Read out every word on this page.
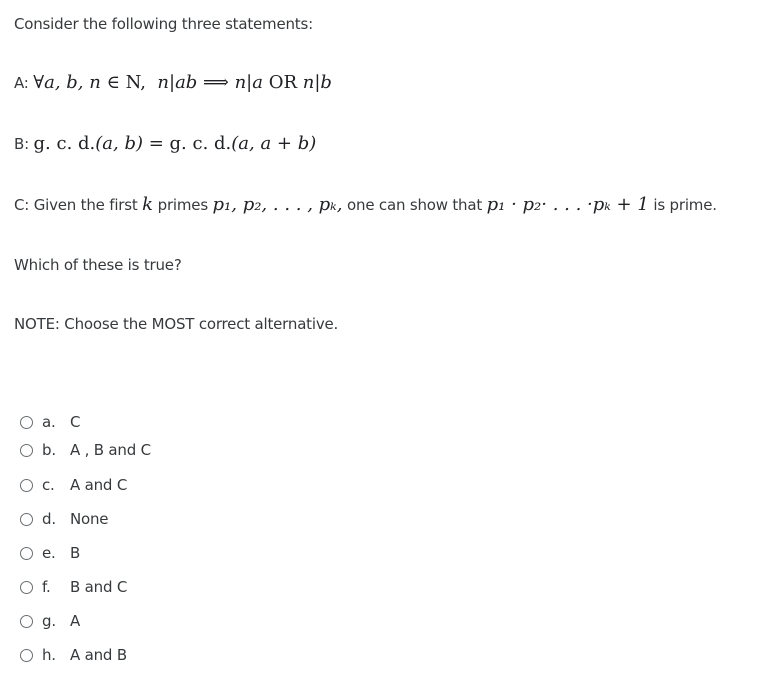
Consider the following three statements:
A: ∀a, b, n ∈ N, n|ab ⟹ n|a OR n|b
B: g. c. d.(a, b) = g. c. d.(a, a + b)
C: Given the first k primes p₁, p₂, . . . , pₖ, one can show that p₁ · p₂· . . . ·pₖ + 1 is prime.
Which of these is true?
NOTE: Choose the MOST correct alternative.
a. C
b. A , B and C
c.	A and C
d. None
e. B
f.	B and C
g. A
h. A and B
